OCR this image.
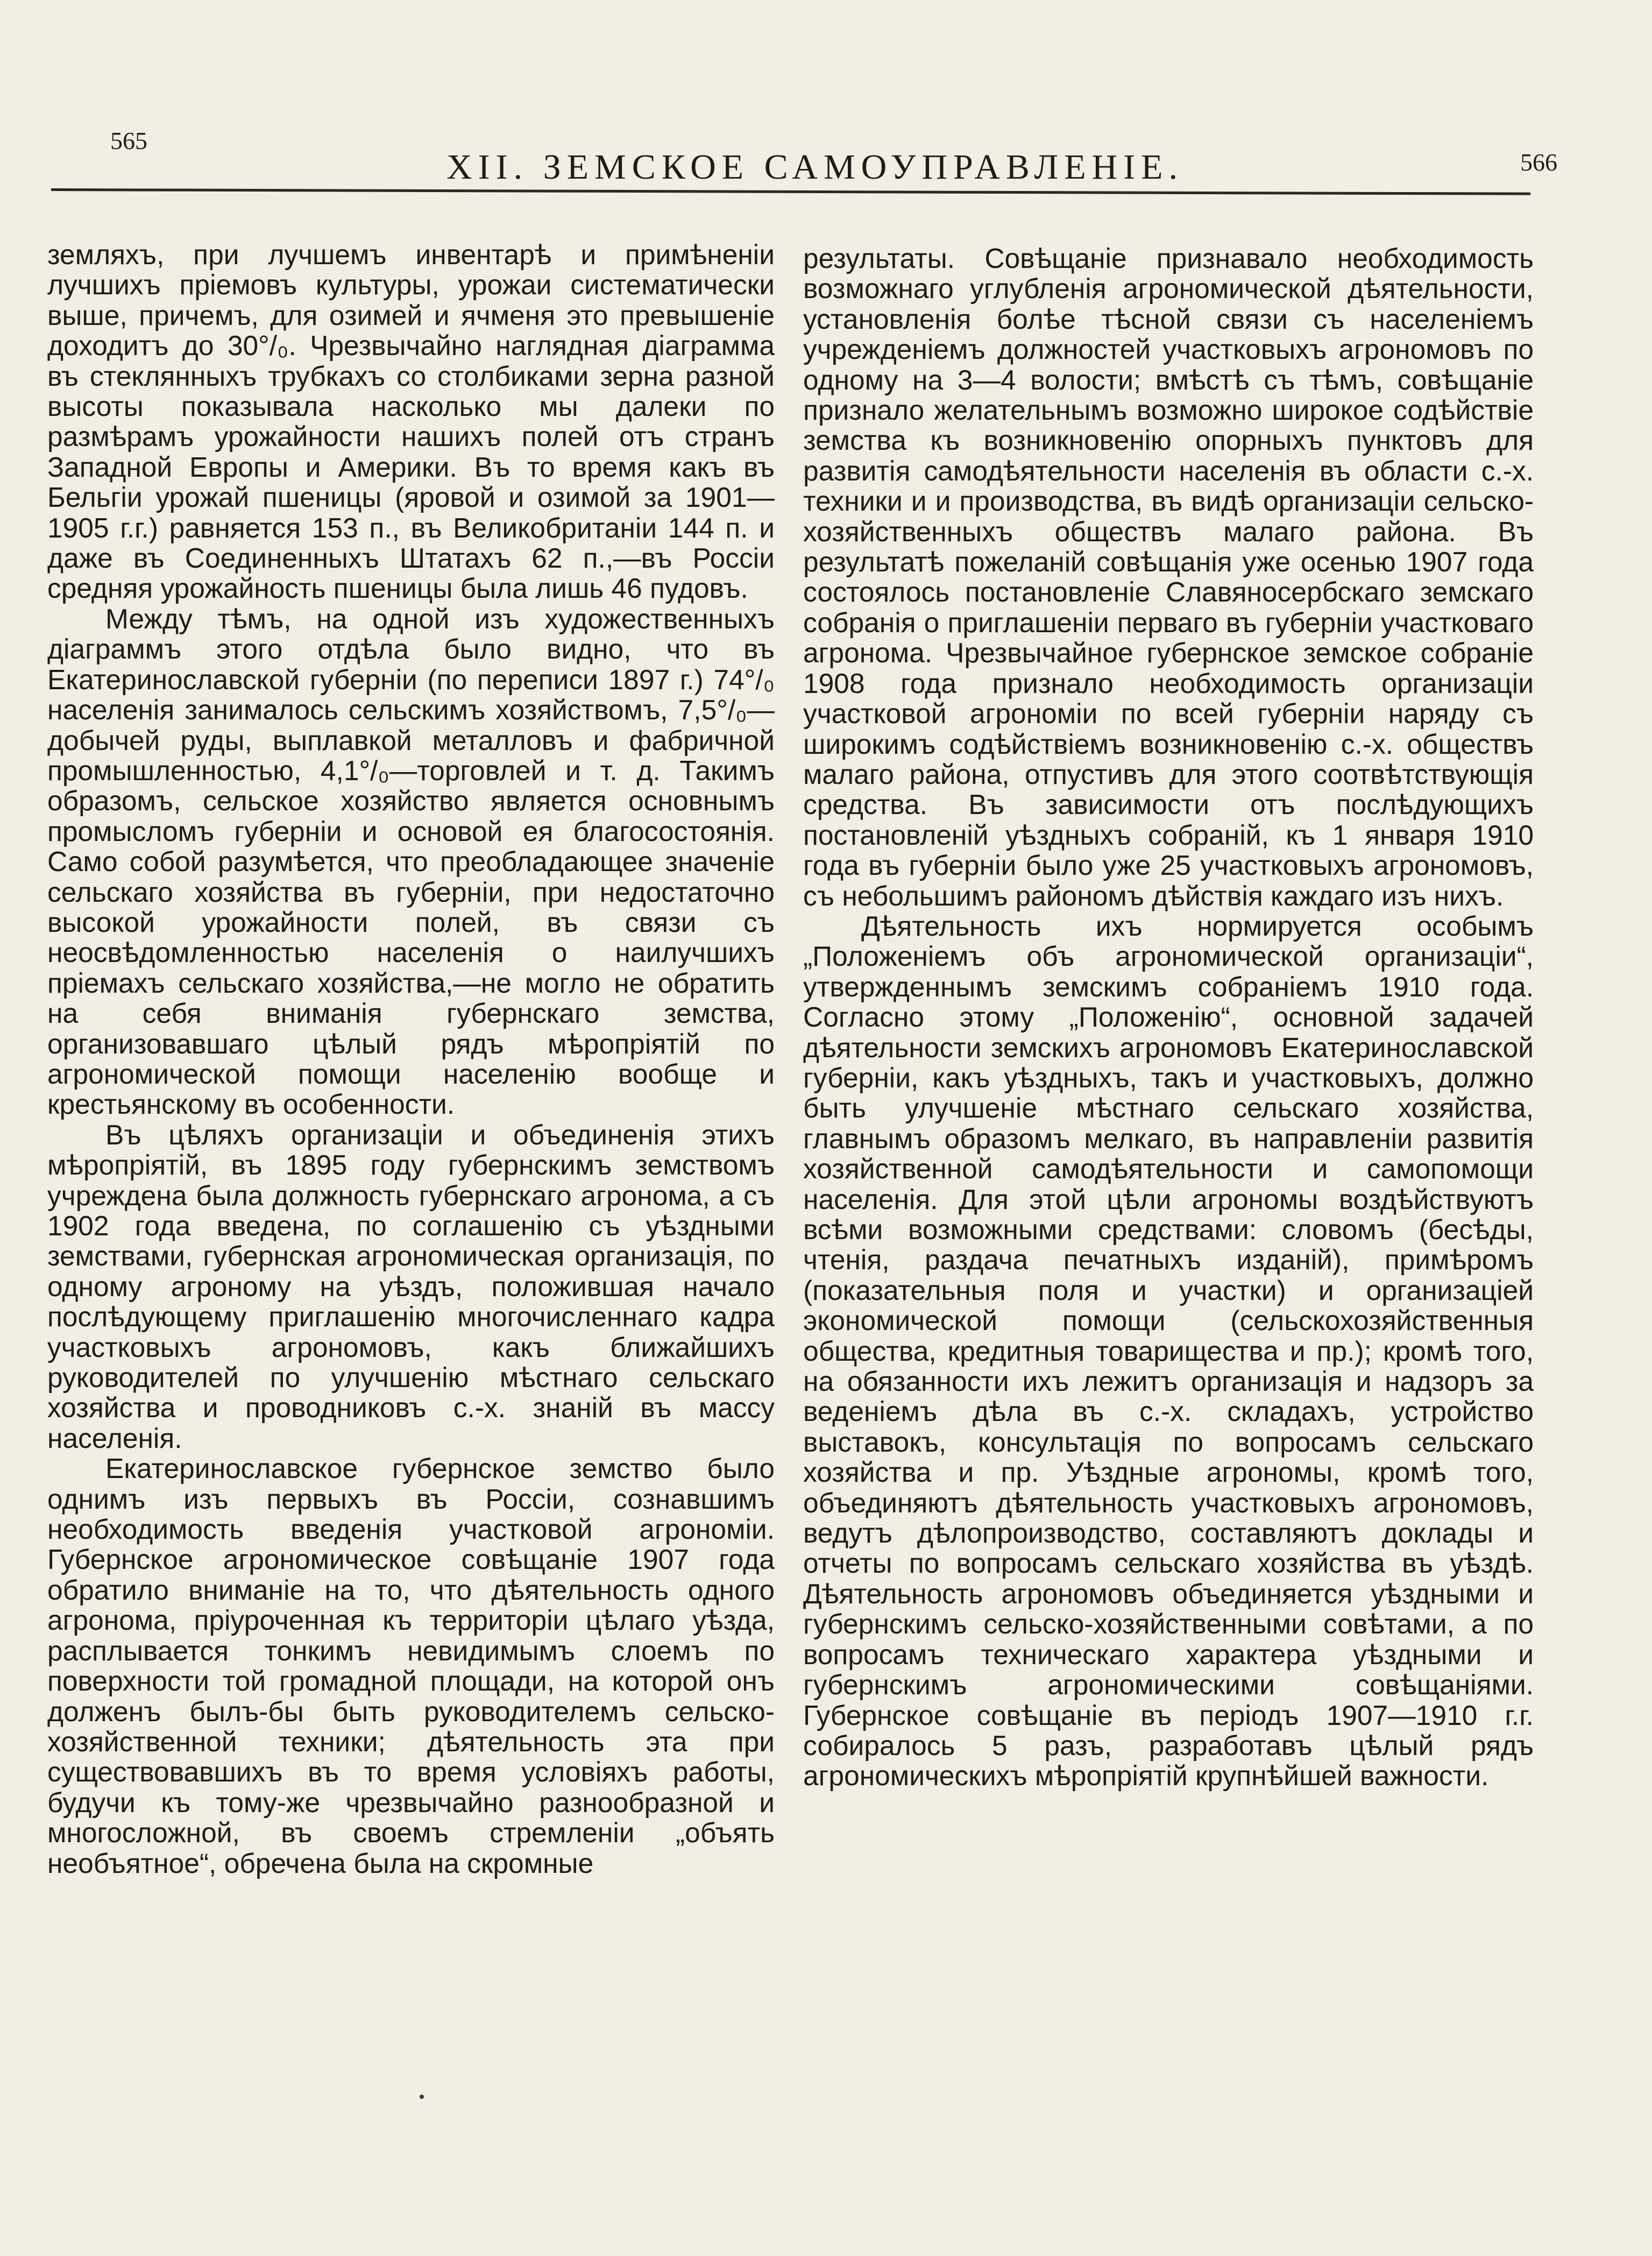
565
XII. ЗЕМСКОЕ САМОУПРАВЛЕНІЕ.	566

земляхъ, при лучшемъ инвентарѣ и примѣненіи лучшихъ пріемовъ культуры, урожаи систематически выше, причемъ, для озимей и ячменя это превышеніе доходитъ до 30°/₀. Чрезвычайно наглядная діаграмма въ стеклянныхъ трубкахъ со столбиками зерна разной высоты показывала насколько мы далеки по размѣрамъ урожайности нашихъ полей отъ странъ Западной Европы и Америки. Въ то время какъ въ Бельгіи урожай пшеницы (яровой и озимой за 1901—1905 г.г.) равняется 153 п., въ Великобританіи 144 п. и даже въ Соединенныхъ Штатахъ 62 п.,—въ Россіи средняя урожайность пшеницы была лишь 46 пудовъ.

Между тѣмъ, на одной изъ художественныхъ діаграммъ этого отдѣла было видно, что въ Екатеринославской губерніи (по переписи 1897 г.) 74°/₀ населенія занималось сельскимъ хозяйствомъ, 7,5°/₀—добычей руды, выплавкой металловъ и фабричной промышленностью, 4,1°/₀—торговлей и т. д. Такимъ образомъ, сельское хозяйство является основнымъ промысломъ губерніи и основой ея благосостоянія. Само собой разумѣется, что преобладающее значеніе сельскаго хозяйства въ губерніи, при недостаточно высокой урожайности полей, въ связи съ неосвѣдомленностью населенія о наилучшихъ пріемахъ сельскаго хозяйства,—не могло не обратить на себя вниманія губернскаго земства, организовавшаго цѣлый рядъ мѣропріятій по агрономической помощи населенію вообще и крестьянскому въ особенности.

Въ цѣляхъ организаціи и объединенія этихъ мѣропріятій, въ 1895 году губернскимъ земствомъ учреждена была должность губернскаго агронома, а съ 1902 года введена, по соглашенію съ уѣздными земствами, губернская агрономическая организація, по одному агроному на уѣздъ, положившая начало послѣдующему приглашенію многочисленнаго кадра участковыхъ агрономовъ, какъ ближайшихъ руководителей по улучшенію мѣстнаго сельскаго хозяйства и проводниковъ с.-х. знаній въ массу населенія.

Екатеринославское губернское земство было однимъ изъ первыхъ въ Россіи, сознавшимъ необходимость введенія участковой агрономіи. Губернское агрономическое совѣщаніе 1907 года обратило вниманіе на то, что дѣятельность одного агронома, пріуроченная къ территоріи цѣлаго уѣзда, расплывается тонкимъ невидимымъ слоемъ по поверхности той громадной площади, на которой онъ долженъ былъ-бы быть руководителемъ сельско-хозяйственной техники; дѣятельность эта при существовавшихъ въ то время условіяхъ работы, будучи къ тому-же чрезвычайно разнообразной и многосложной, въ своемъ стремленіи „объять необъятное“, обречена была на скромные

результаты. Совѣщаніе признавало необходимость возможнаго углубленія агрономической дѣятельности, установленія болѣе тѣсной связи съ населеніемъ учрежденіемъ должностей участковыхъ агрономовъ по одному на 3—4 волости; вмѣстѣ съ тѣмъ, совѣщаніе признало желательнымъ возможно широкое содѣйствіе земства къ возникновенію опорныхъ пунктовъ для развитія самодѣятельности населенія въ области с.-х. техники и и производства, въ видѣ организаціи сельско-хозяйственныхъ обществъ малаго района. Въ результатѣ пожеланій совѣщанія уже осенью 1907 года состоялось постановленіе Славяносербскаго земскаго собранія о приглашеніи перваго въ губерніи участковаго агронома. Чрезвычайное губернское земское собраніе 1908 года признало необходимость организаціи участковой агрономіи по всей губерніи наряду съ широкимъ содѣйствіемъ возникновенію с.-х. обществъ малаго района, отпустивъ для этого соотвѣтствующія средства. Въ зависимости отъ послѣдующихъ постановленій уѣздныхъ собраній, къ 1 января 1910 года въ губерніи было уже 25 участковыхъ агрономовъ, съ небольшимъ райономъ дѣйствія каждаго изъ нихъ.

Дѣятельность ихъ нормируется особымъ „Положеніемъ объ агрономической организаціи“, утвержденнымъ земскимъ собраніемъ 1910 года. Согласно этому „Положенію“, основной задачей дѣятельности земскихъ агрономовъ Екатеринославской губерніи, какъ уѣздныхъ, такъ и участковыхъ, должно быть улучшеніе мѣстнаго сельскаго хозяйства, главнымъ образомъ мелкаго, въ направленіи развитія хозяйственной самодѣятельности и самопомощи населенія. Для этой цѣли агрономы воздѣйствуютъ всѣми возможными средствами: словомъ (бесѣды, чтенія, раздача печатныхъ изданій), примѣромъ (показательныя поля и участки) и организаціей экономической помощи (сельскохозяйственныя общества, кредитныя товарищества и пр.); кромѣ того, на обязанности ихъ лежитъ организація и надзоръ за веденіемъ дѣла въ с.-х. складахъ, устройство выставокъ, консультація по вопросамъ сельскаго хозяйства и пр. Уѣздные агрономы, кромѣ того, объединяютъ дѣятельность участковыхъ агрономовъ, ведутъ дѣлопроизводство, составляютъ доклады и отчеты по вопросамъ сельскаго хозяйства въ уѣздѣ. Дѣятельность агрономовъ объединяется уѣздными и губернскимъ сельско-хозяйственными совѣтами, а по вопросамъ техническаго характера уѣздными и губернскимъ агрономическими совѣщаніями. Губернское совѣщаніе въ періодъ 1907—1910 г.г. собиралось 5 разъ, разработавъ цѣлый рядъ агрономическихъ мѣропріятій крупнѣйшей важности.
